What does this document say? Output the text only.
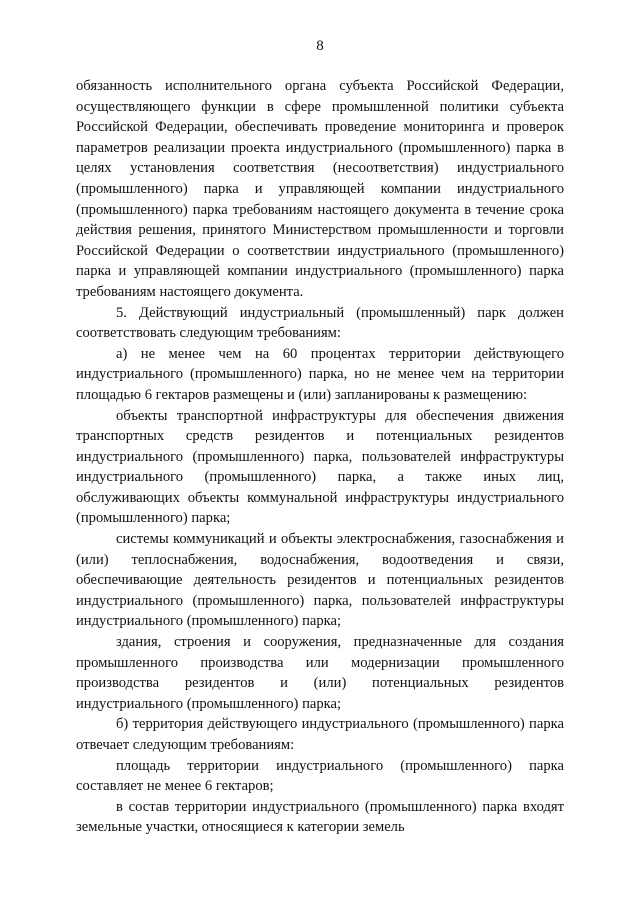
8

обязанность исполнительного органа субъекта Российской Федерации, осуществляющего функции в сфере промышленной политики субъекта Российской Федерации, обеспечивать проведение мониторинга и проверок параметров реализации проекта индустриального (промышленного) парка в целях установления соответствия (несоответствия) индустриального (промышленного) парка и управляющей компании индустриального (промышленного) парка требованиям настоящего документа в течение срока действия решения, принятого Министерством промышленности и торговли Российской Федерации о соответствии индустриального (промышленного) парка и управляющей компании индустриального (промышленного) парка требованиям настоящего документа.

5. Действующий индустриальный (промышленный) парк должен соответствовать следующим требованиям:

а) не менее чем на 60 процентах территории действующего индустриального (промышленного) парка, но не менее чем на территории площадью 6 гектаров размещены и (или) запланированы к размещению:

объекты транспортной инфраструктуры для обеспечения движения транспортных средств резидентов и потенциальных резидентов индустриального (промышленного) парка, пользователей инфраструктуры индустриального (промышленного) парка, а также иных лиц, обслуживающих объекты коммунальной инфраструктуры индустриального (промышленного) парка;

системы коммуникаций и объекты электроснабжения, газоснабжения и (или) теплоснабжения, водоснабжения, водоотведения и связи, обеспечивающие деятельность резидентов и потенциальных резидентов индустриального (промышленного) парка, пользователей инфраструктуры индустриального (промышленного) парка;

здания, строения и сооружения, предназначенные для создания промышленного производства или модернизации промышленного производства резидентов и (или) потенциальных резидентов индустриального (промышленного) парка;

б) территория действующего индустриального (промышленного) парка отвечает следующим требованиям:

площадь территории индустриального (промышленного) парка составляет не менее 6 гектаров;

в состав территории индустриального (промышленного) парка входят земельные участки, относящиеся к категории земель
